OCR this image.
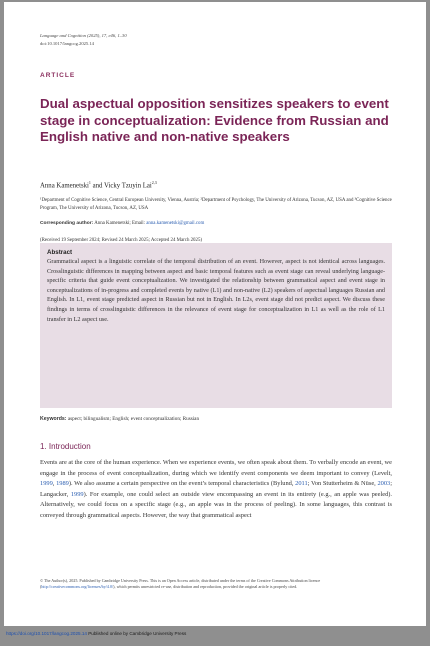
Language and Cognition (2025), 17, e46, 1–30
doi:10.1017/langcog.2025.14
ARTICLE
Dual aspectual opposition sensitizes speakers to event stage in conceptualization: Evidence from Russian and English native and non-native speakers
Anna Kamenetski$^1$ and Vicky Tzuyin Lai$^{2,3}$
¹Department of Cognitive Science, Central European University, Vienna, Austria; ²Department of Psychology, The University of Arizona, Tucson, AZ, USA and ³Cognitive Science Program, The University of Arizona, Tucson, AZ, USA
Corresponding author: Anna Kamenetski; Email: anna.kamenetski@gmail.com
(Received 19 September 2024; Revised 24 March 2025; Accepted 24 March 2025)
Abstract
Grammatical aspect is a linguistic correlate of the temporal distribution of an event. However, aspect is not identical across languages. Crosslinguistic differences in mapping between aspect and basic temporal features such as event stage can reveal underlying language-specific criteria that guide event conceptualization. We investigated the relationship between grammatical aspect and event stage in conceptualizations of in-progress and completed events by native (L1) and non-native (L2) speakers of aspectual languages Russian and English. In L1, event stage predicted aspect in Russian but not in English. In L2s, event stage did not predict aspect. We discuss these findings in terms of crosslinguistic differences in the relevance of event stage for conceptualization in L1 as well as the role of L1 transfer in L2 aspect use.
Keywords: aspect; bilingualism; English; event conceptualization; Russian
1. Introduction
Events are at the core of the human experience. When we experience events, we often speak about them. To verbally encode an event, we engage in the process of event conceptualization, during which we identify event components we deem important to convey (Levelt, 1999, 1989). We also assume a certain perspective on the event’s temporal characteristics (Bylund, 2011; Von Stutterheim & Nüse, 2003; Langacker, 1999). For example, one could select an outside view encompassing an event in its entirety (e.g., an apple was peeled). Alternatively, we could focus on a specific stage (e.g., an apple was in the process of peeling). In some languages, this contrast is conveyed through grammatical aspects. However, the way that grammatical aspect
© The Author(s), 2025. Published by Cambridge University Press. This is an Open Access article, distributed under the terms of the Creative Commons Attribution licence (http://creativecommons.org/licenses/by/4.0/), which permits unrestricted re-use, distribution and reproduction, provided the original article is properly cited.
https://doi.org/10.1017/langcog.2025.14 Published online by Cambridge University Press
